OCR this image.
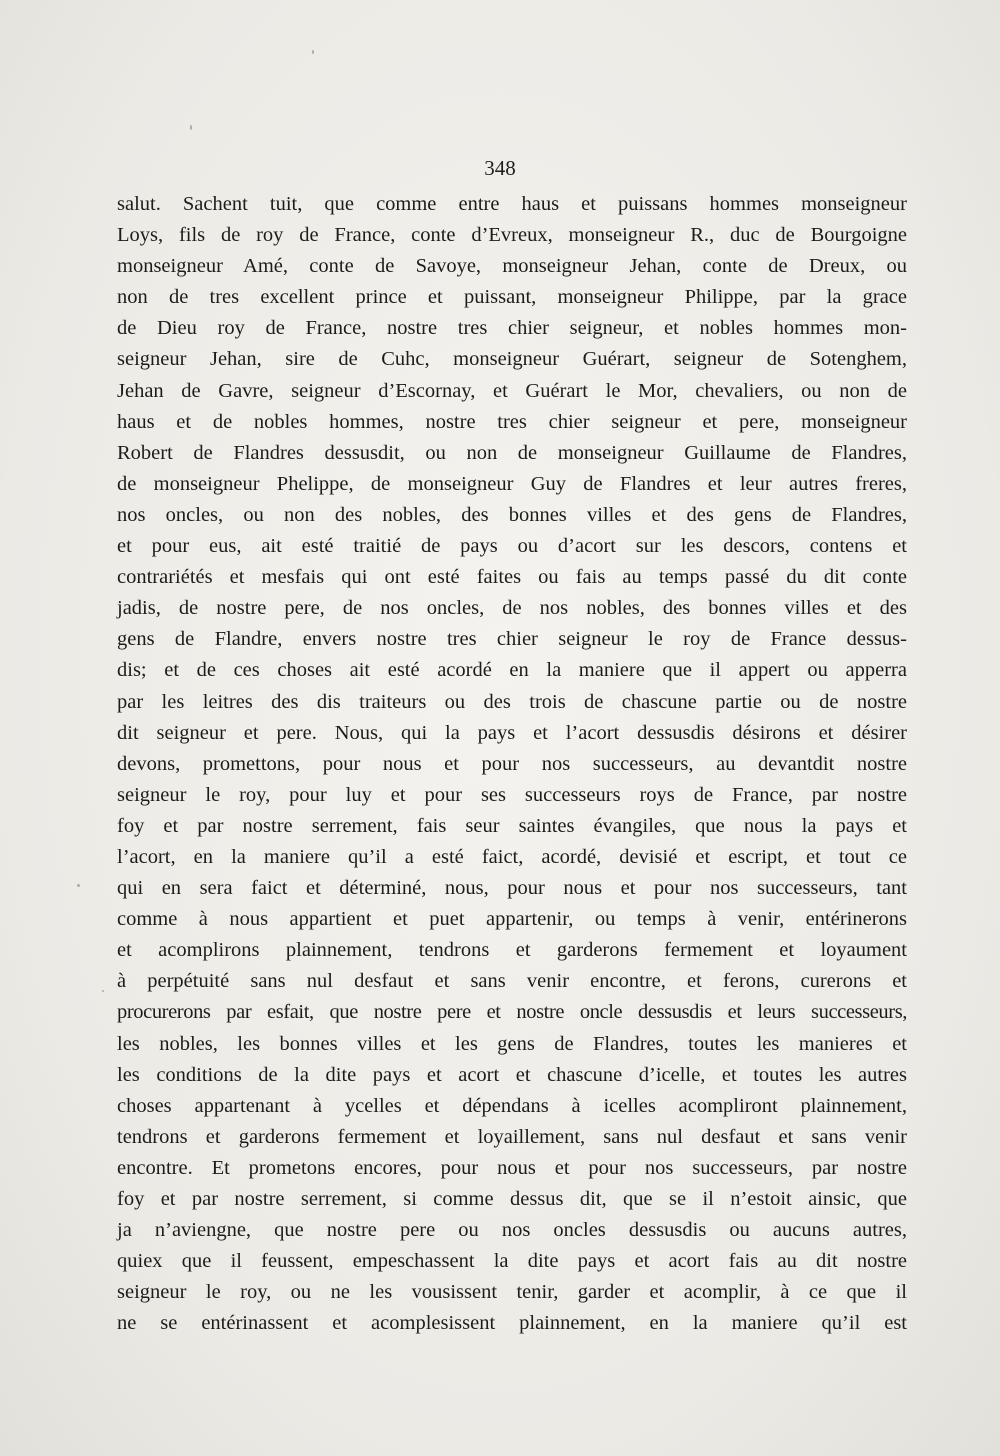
348
salut. Sachent tuit, que comme entre haus et puissans hommes monseigneur
Loys, fils de roy de France, conte d’Evreux, monseigneur R., duc de Bourgoigne
monseigneur Amé, conte de Savoye, monseigneur Jehan, conte de Dreux, ou
non de tres excellent prince et puissant, monseigneur Philippe, par la grace
de Dieu roy de France, nostre tres chier seigneur, et nobles hommes mon-
seigneur Jehan, sire de Cuhc, monseigneur Guérart, seigneur de Sotenghem,
Jehan de Gavre, seigneur d’Escornay, et Guérart le Mor, chevaliers, ou non de
haus et de nobles hommes, nostre tres chier seigneur et pere, monseigneur
Robert de Flandres dessusdit, ou non de monseigneur Guillaume de Flandres,
de monseigneur Phelippe, de monseigneur Guy de Flandres et leur autres freres,
nos oncles, ou non des nobles, des bonnes villes et des gens de Flandres,
et pour eus, ait esté traitié de pays ou d’acort sur les descors, contens et
contrariétés et mesfais qui ont esté faites ou fais au temps passé du dit conte
jadis, de nostre pere, de nos oncles, de nos nobles, des bonnes villes et des
gens de Flandre, envers nostre tres chier seigneur le roy de France dessus-
dis; et de ces choses ait esté acordé en la maniere que il appert ou apperra
par les leitres des dis traiteurs ou des trois de chascune partie ou de nostre
dit seigneur et pere. Nous, qui la pays et l’acort dessusdis désirons et désirer
devons, promettons, pour nous et pour nos successeurs, au devantdit nostre
seigneur le roy, pour luy et pour ses successeurs roys de France, par nostre
foy et par nostre serrement, fais seur saintes évangiles, que nous la pays et
l’acort, en la maniere qu’il a esté faict, acordé, devisié et escript, et tout ce
qui en sera faict et déterminé, nous, pour nous et pour nos successeurs, tant
comme à nous appartient et puet appartenir, ou temps à venir, entérinerons
et acomplirons plainnement, tendrons et garderons fermement et loyaument
à perpétuité sans nul desfaut et sans venir encontre, et ferons, curerons et
procurerons par esfait, que nostre pere et nostre oncle dessusdis et leurs successeurs,
les nobles, les bonnes villes et les gens de Flandres, toutes les manieres et
les conditions de la dite pays et acort et chascune d’icelle, et toutes les autres
choses appartenant à ycelles et dépendans à icelles acompliront plainnement,
tendrons et garderons fermement et loyaillement, sans nul desfaut et sans venir
encontre. Et prometons encores, pour nous et pour nos successeurs, par nostre
foy et par nostre serrement, si comme dessus dit, que se il n’estoit ainsic, que
ja n’aviengne, que nostre pere ou nos oncles dessusdis ou aucuns autres,
quiex que il feussent, empeschassent la dite pays et acort fais au dit nostre
seigneur le roy, ou ne les vousissent tenir, garder et acomplir, à ce que il
ne se entérinassent et acomplesissent plainnement, en la maniere qu’il est
